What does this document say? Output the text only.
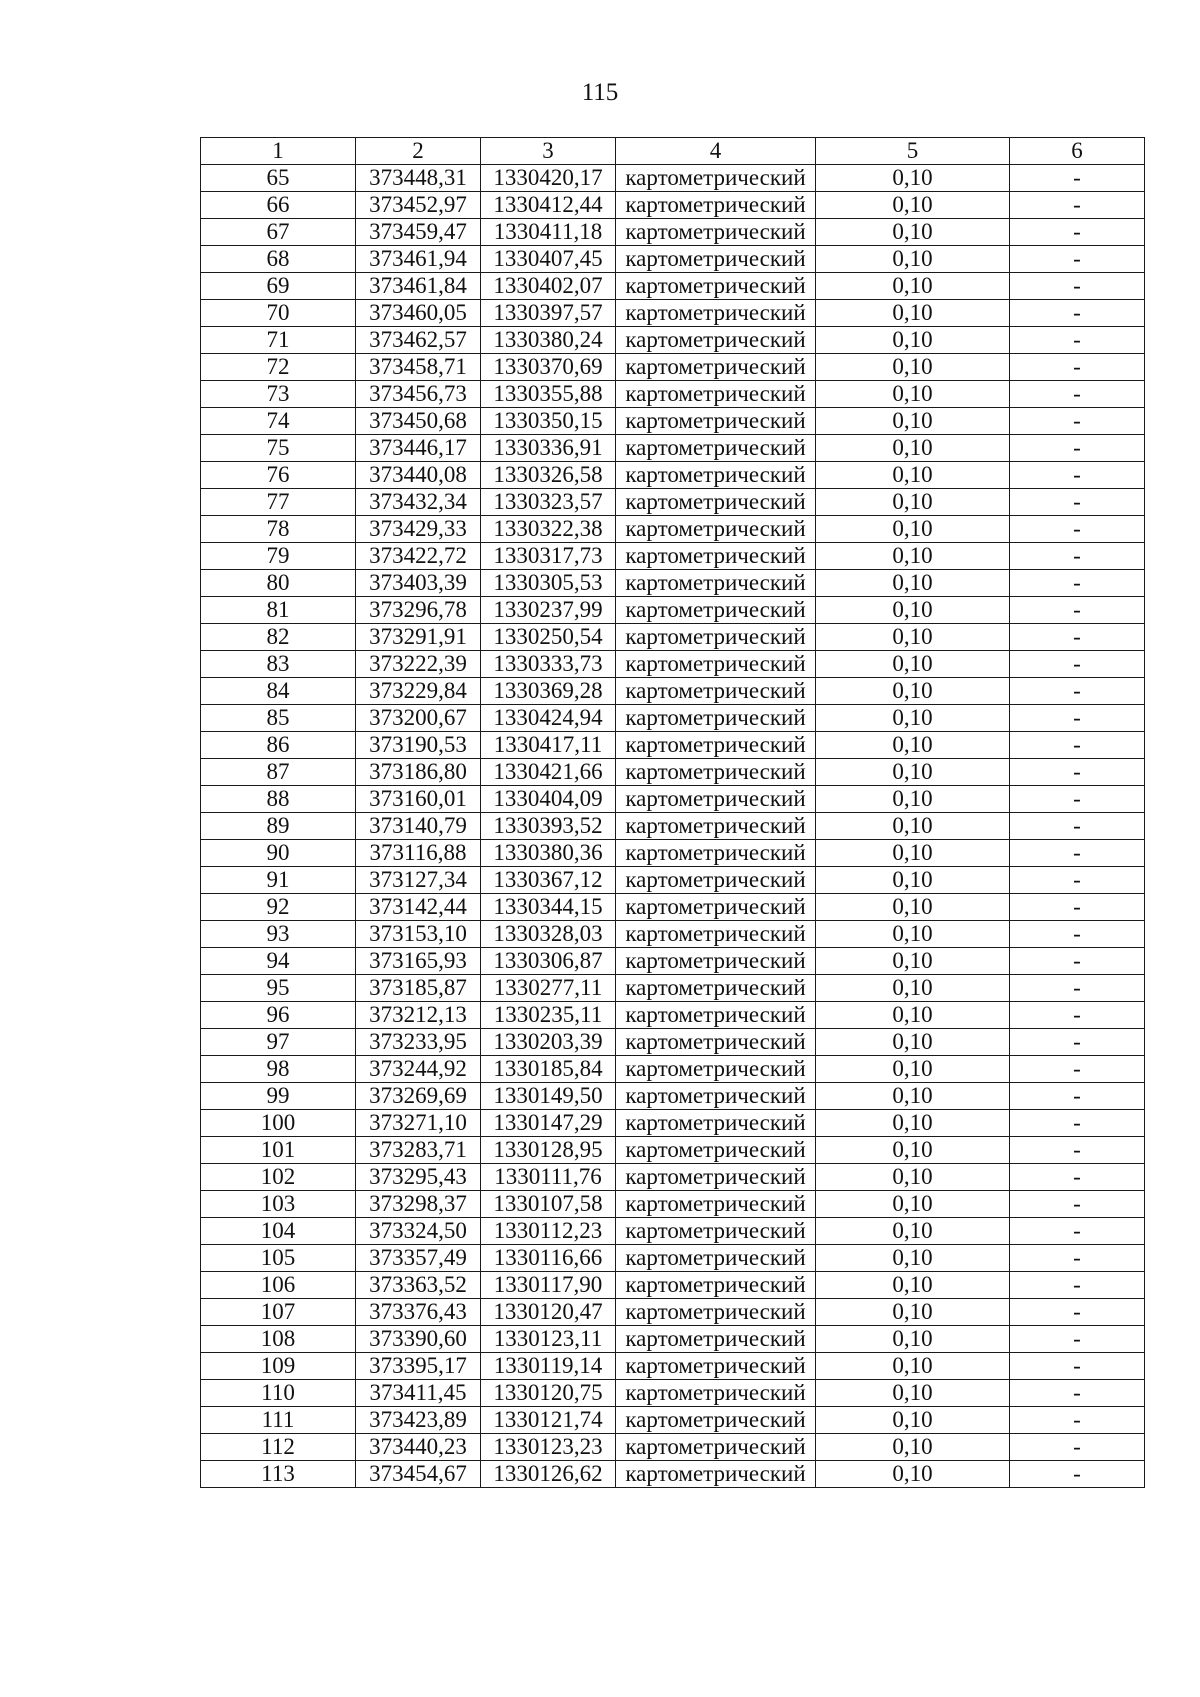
115
1	2	3	4	5	6
65	373448,31	1330420,17	картометрический	0,10	-
66	373452,97	1330412,44	картометрический	0,10	-
67	373459,47	1330411,18	картометрический	0,10	-
68	373461,94	1330407,45	картометрический	0,10	-
69	373461,84	1330402,07	картометрический	0,10	-
70	373460,05	1330397,57	картометрический	0,10	-
71	373462,57	1330380,24	картометрический	0,10	-
72	373458,71	1330370,69	картометрический	0,10	-
73	373456,73	1330355,88	картометрический	0,10	-
74	373450,68	1330350,15	картометрический	0,10	-
75	373446,17	1330336,91	картометрический	0,10	-
76	373440,08	1330326,58	картометрический	0,10	-
77	373432,34	1330323,57	картометрический	0,10	-
78	373429,33	1330322,38	картометрический	0,10	-
79	373422,72	1330317,73	картометрический	0,10	-
80	373403,39	1330305,53	картометрический	0,10	-
81	373296,78	1330237,99	картометрический	0,10	-
82	373291,91	1330250,54	картометрический	0,10	-
83	373222,39	1330333,73	картометрический	0,10	-
84	373229,84	1330369,28	картометрический	0,10	-
85	373200,67	1330424,94	картометрический	0,10	-
86	373190,53	1330417,11	картометрический	0,10	-
87	373186,80	1330421,66	картометрический	0,10	-
88	373160,01	1330404,09	картометрический	0,10	-
89	373140,79	1330393,52	картометрический	0,10	-
90	373116,88	1330380,36	картометрический	0,10	-
91	373127,34	1330367,12	картометрический	0,10	-
92	373142,44	1330344,15	картометрический	0,10	-
93	373153,10	1330328,03	картометрический	0,10	-
94	373165,93	1330306,87	картометрический	0,10	-
95	373185,87	1330277,11	картометрический	0,10	-
96	373212,13	1330235,11	картометрический	0,10	-
97	373233,95	1330203,39	картометрический	0,10	-
98	373244,92	1330185,84	картометрический	0,10	-
99	373269,69	1330149,50	картометрический	0,10	-
100	373271,10	1330147,29	картометрический	0,10	-
101	373283,71	1330128,95	картометрический	0,10	-
102	373295,43	1330111,76	картометрический	0,10	-
103	373298,37	1330107,58	картометрический	0,10	-
104	373324,50	1330112,23	картометрический	0,10	-
105	373357,49	1330116,66	картометрический	0,10	-
106	373363,52	1330117,90	картометрический	0,10	-
107	373376,43	1330120,47	картометрический	0,10	-
108	373390,60	1330123,11	картометрический	0,10	-
109	373395,17	1330119,14	картометрический	0,10	-
110	373411,45	1330120,75	картометрический	0,10	-
111	373423,89	1330121,74	картометрический	0,10	-
112	373440,23	1330123,23	картометрический	0,10	-
113	373454,67	1330126,62	картометрический	0,10	-
